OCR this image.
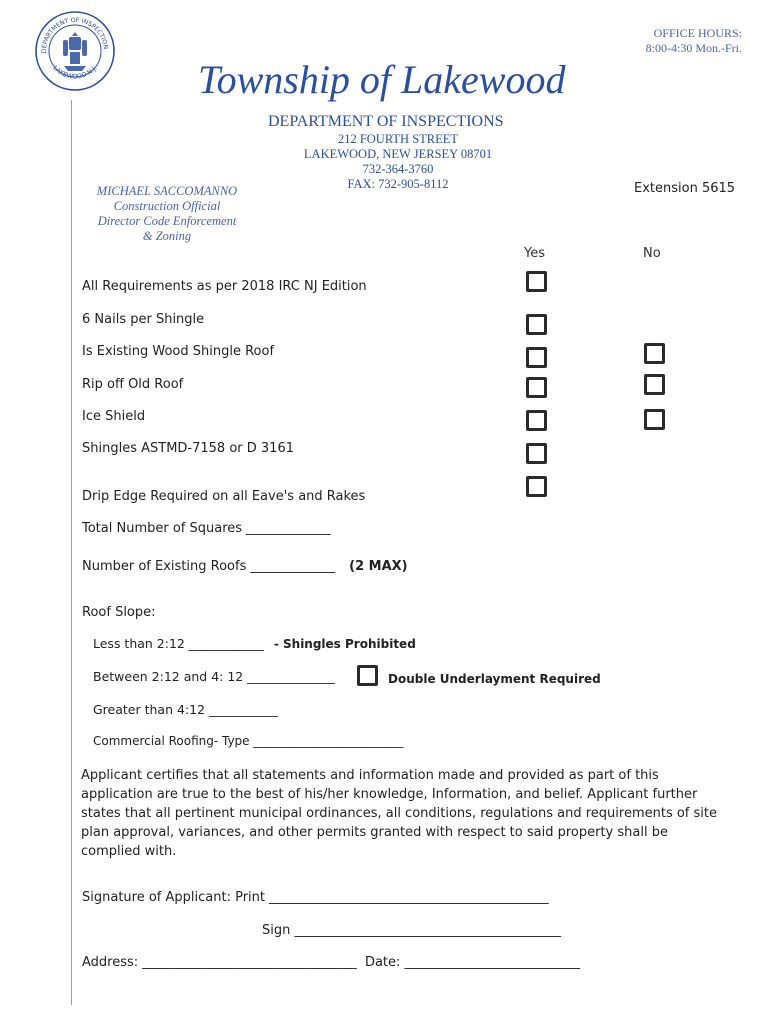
DEPARTMENT OF INSPECTION
LAKEWOOD N.J.
OFFICE HOURS:
8:00-4:30 Mon.-Fri.
Township of Lakewood
DEPARTMENT OF INSPECTIONS
212 FOURTH STREET
LAKEWOOD, NEW JERSEY 08701
732-364-3760
FAX: 732-905-8112
MICHAEL SACCOMANNO
Construction Official
Director Code Enforcement
& Zoning
Extension 5615
Yes	No
All Requirements as per 2018 IRC NJ Edition
6 Nails per Shingle
Is Existing Wood Shingle Roof
Rip off Old Roof
Ice Shield
Shingles ASTMD-7158 or D 3161
Drip Edge Required on all Eave's and Rakes
Total Number of Squares _____________
Number of Existing Roofs _____________ (2 MAX)
Roof Slope:
Less than 2:12 ____________ - Shingles Prohibited
Between 2:12 and 4: 12 ______________	Double Underlayment Required
Greater than 4:12 ___________
Commercial Roofing- Type _________________________
Applicant certifies that all statements and information made and provided as part of this application are true to the best of his/her knowledge, Information, and belief. Applicant further states that all pertinent municipal ordinances, all conditions, regulations and requirements of site plan approval, variances, and other permits granted with respect to said property shall be complied with.
Signature of Applicant: Print ___________________________________________
Sign _________________________________________
Address: _________________________________ Date: ___________________________
